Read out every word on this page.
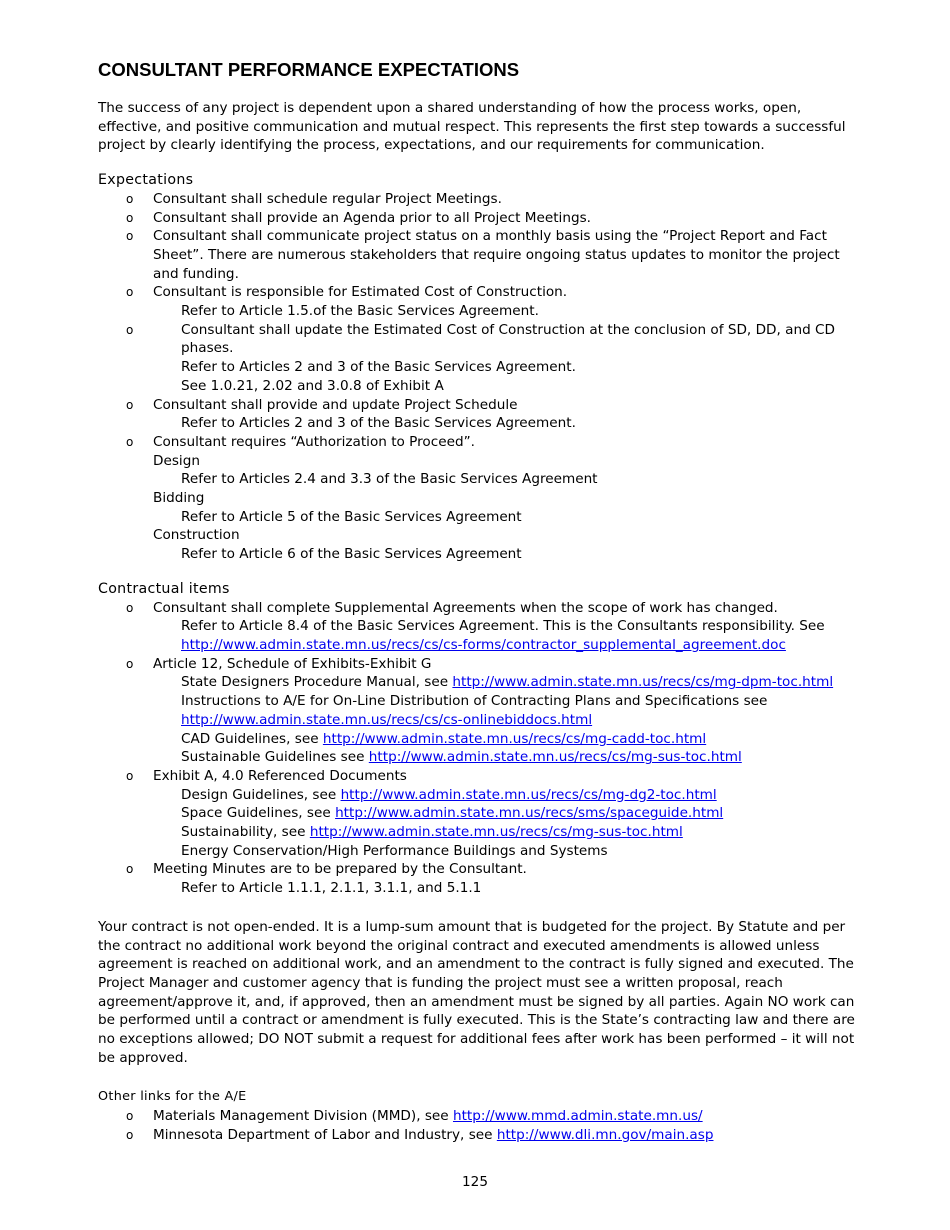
CONSULTANT PERFORMANCE EXPECTATIONS

The success of any project is dependent upon a shared understanding of how the process works, open, effective, and positive communication and mutual respect. This represents the first step towards a successful project by clearly identifying the process, expectations, and our requirements for communication.

Expectations
o	Consultant shall schedule regular Project Meetings.
o	Consultant shall provide an Agenda prior to all Project Meetings.
o	Consultant shall communicate project status on a monthly basis using the “Project Report and Fact Sheet”. There are numerous stakeholders that require ongoing status updates to monitor the project and funding.
o	Consultant is responsible for Estimated Cost of Construction.
Refer to Article 1.5.of the Basic Services Agreement.
o	Consultant shall update the Estimated Cost of Construction at the conclusion of SD, DD, and CD phases.
Refer to Articles 2 and 3 of the Basic Services Agreement.
See 1.0.21, 2.02 and 3.0.8 of Exhibit A
o	Consultant shall provide and update Project Schedule
Refer to Articles 2 and 3 of the Basic Services Agreement.
o	Consultant requires “Authorization to Proceed”.
Design
Refer to Articles 2.4 and 3.3 of the Basic Services Agreement
Bidding
Refer to Article 5 of the Basic Services Agreement
Construction
Refer to Article 6 of the Basic Services Agreement
Contractual items
o	Consultant shall complete Supplemental Agreements when the scope of work has changed.
Refer to Article 8.4 of the Basic Services Agreement. This is the Consultants responsibility. See
http://www.admin.state.mn.us/recs/cs/cs-forms/contractor_supplemental_agreement.doc
o	Article 12, Schedule of Exhibits-Exhibit G
State Designers Procedure Manual, see http://www.admin.state.mn.us/recs/cs/mg-dpm-toc.html
Instructions to A/E for On-Line Distribution of Contracting Plans and Specifications see
http://www.admin.state.mn.us/recs/cs/cs-onlinebiddocs.html
CAD Guidelines, see http://www.admin.state.mn.us/recs/cs/mg-cadd-toc.html
Sustainable Guidelines see http://www.admin.state.mn.us/recs/cs/mg-sus-toc.html
o	Exhibit A, 4.0 Referenced Documents
Design Guidelines, see http://www.admin.state.mn.us/recs/cs/mg-dg2-toc.html
Space Guidelines, see http://www.admin.state.mn.us/recs/sms/spaceguide.html
Sustainability, see http://www.admin.state.mn.us/recs/cs/mg-sus-toc.html
Energy Conservation/High Performance Buildings and Systems
o	Meeting Minutes are to be prepared by the Consultant.
Refer to Article 1.1.1, 2.1.1, 3.1.1, and 5.1.1

Your contract is not open-ended. It is a lump-sum amount that is budgeted for the project. By Statute and per the contract no additional work beyond the original contract and executed amendments is allowed unless agreement is reached on additional work, and an amendment to the contract is fully signed and executed. The Project Manager and customer agency that is funding the project must see a written proposal, reach agreement/approve it, and, if approved, then an amendment must be signed by all parties. Again NO work can be performed until a contract or amendment is fully executed. This is the State’s contracting law and there are no exceptions allowed; DO NOT submit a request for additional fees after work has been performed – it will not be approved.

Other links for the A/E
o	Materials Management Division (MMD), see http://www.mmd.admin.state.mn.us/
o	Minnesota Department of Labor and Industry, see http://www.dli.mn.gov/main.asp
125
